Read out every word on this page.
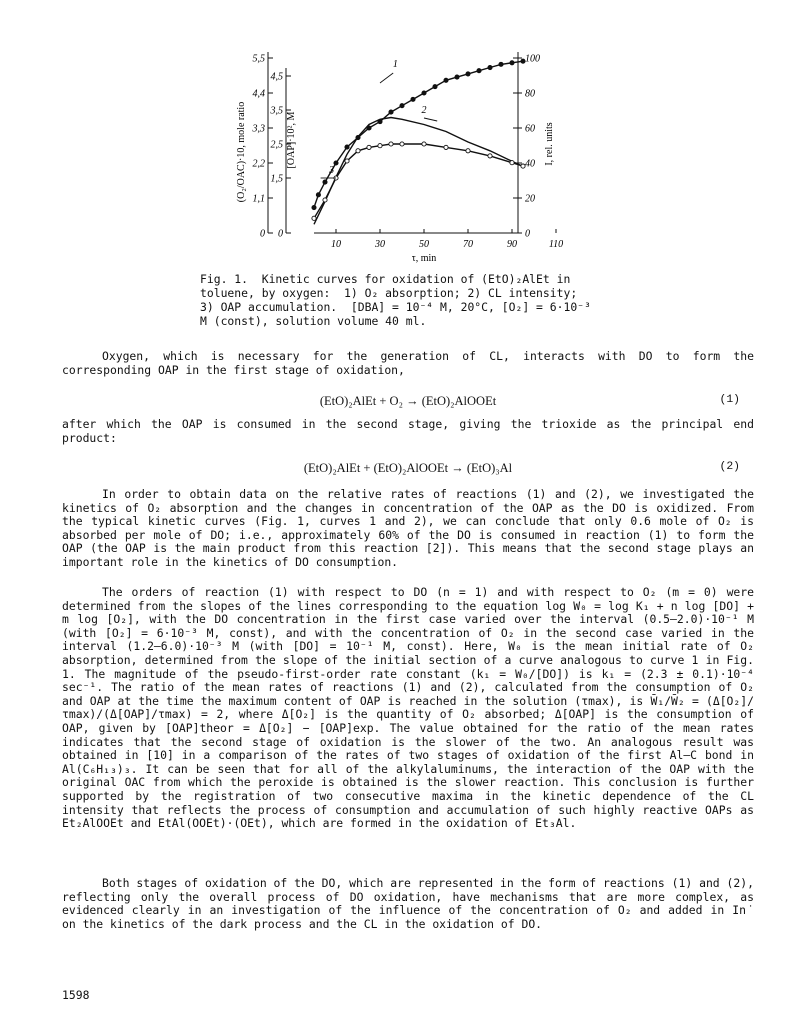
0
1,1
2,2
3,3
4,4
5,5
0
1,5
2,5
3,5
4,5
0
20
40
60
80
100
10	30	50	70	90	110
(O₂/OAC)·10, mole ratio	[OAP]·10², M	I, rel. units
τ, min
1
2
3
Fig. 1.  Kinetic curves for oxidation of (EtO)₂AlEt in
toluene, by oxygen:  1) O₂ absorption; 2) CL intensity;
3) OAP accumulation.  [DBA] = 10⁻⁴ M, 20°C, [O₂] = 6·10⁻³
M (const), solution volume 40 ml.
Oxygen, which is necessary for the generation of CL, interacts with DO to form the corresponding OAP in the first stage of oxidation,
(EtO)₂AlEt + O₂ → (EtO)₂AlOOEt	(1)
after which the OAP is consumed in the second stage, giving the trioxide as the principal end product:
(EtO)₂AlEt + (EtO)₂AlOOEt → (EtO)₃Al	(2)
In order to obtain data on the relative rates of reactions (1) and (2), we investigated the kinetics of O₂ absorption and the changes in concentration of the OAP as the DO is oxidized. From the typical kinetic curves (Fig. 1, curves 1 and 2), we can conclude that only 0.6 mole of O₂ is absorbed per mole of DO; i.e., approximately 60% of the DO is consumed in reaction (1) to form the OAP (the OAP is the main product from this reaction [2]). This means that the second stage plays an important role in the kinetics of DO consumption.
The orders of reaction (1) with respect to DO (n = 1) and with respect to O₂ (m = 0) were determined from the slopes of the lines corresponding to the equation log W₀ = log K₁ + n log [DO] + m log [O₂], with the DO concentration in the first case varied over the interval (0.5–2.0)·10⁻¹ M (with [O₂] = 6·10⁻³ M, const), and with the concentration of O₂ in the second case varied in the interval (1.2–6.0)·10⁻³ M (with [DO] = 10⁻¹ M, const). Here, W₀ is the mean initial rate of O₂ absorption, determined from the slope of the initial section of a curve analogous to curve 1 in Fig. 1. The magnitude of the pseudo-first-order rate constant (k₁ = W₀/[DO]) is k₁ = (2.3 ± 0.1)·10⁻⁴ sec⁻¹. The ratio of the mean rates of reactions (1) and (2), calculated from the consumption of O₂ and OAP at the time the maximum content of OAP is reached in the solution (τmax), is W̄₁/W̄₂ = (Δ[O₂]/τmax)/(Δ[OAP]/τmax) = 2, where Δ[O₂] is the quantity of O₂ absorbed; Δ[OAP] is the consumption of OAP, given by [OAP]theor = Δ[O₂] − [OAP]exp. The value obtained for the ratio of the mean rates indicates that the second stage of oxidation is the slower of the two. An analogous result was obtained in [10] in a comparison of the rates of two stages of oxidation of the first Al–C bond in Al(C₆H₁₃)₃. It can be seen that for all of the alkylaluminums, the interaction of the OAP with the original OAC from which the peroxide is obtained is the slower reaction. This conclusion is further supported by the registration of two consecutive maxima in the kinetic dependence of the CL intensity that reflects the process of consumption and accumulation of such highly reactive OAPs as Et₂AlOOEt and EtAl(OOEt)·(OEt), which are formed in the oxidation of Et₃Al.
Both stages of oxidation of the DO, which are represented in the form of reactions (1) and (2), reflecting only the overall process of DO oxidation, have mechanisms that are more complex, as evidenced clearly in an investigation of the influence of the concentration of O₂ and added in In˙ on the kinetics of the dark process and the CL in the oxidation of DO.
1598
